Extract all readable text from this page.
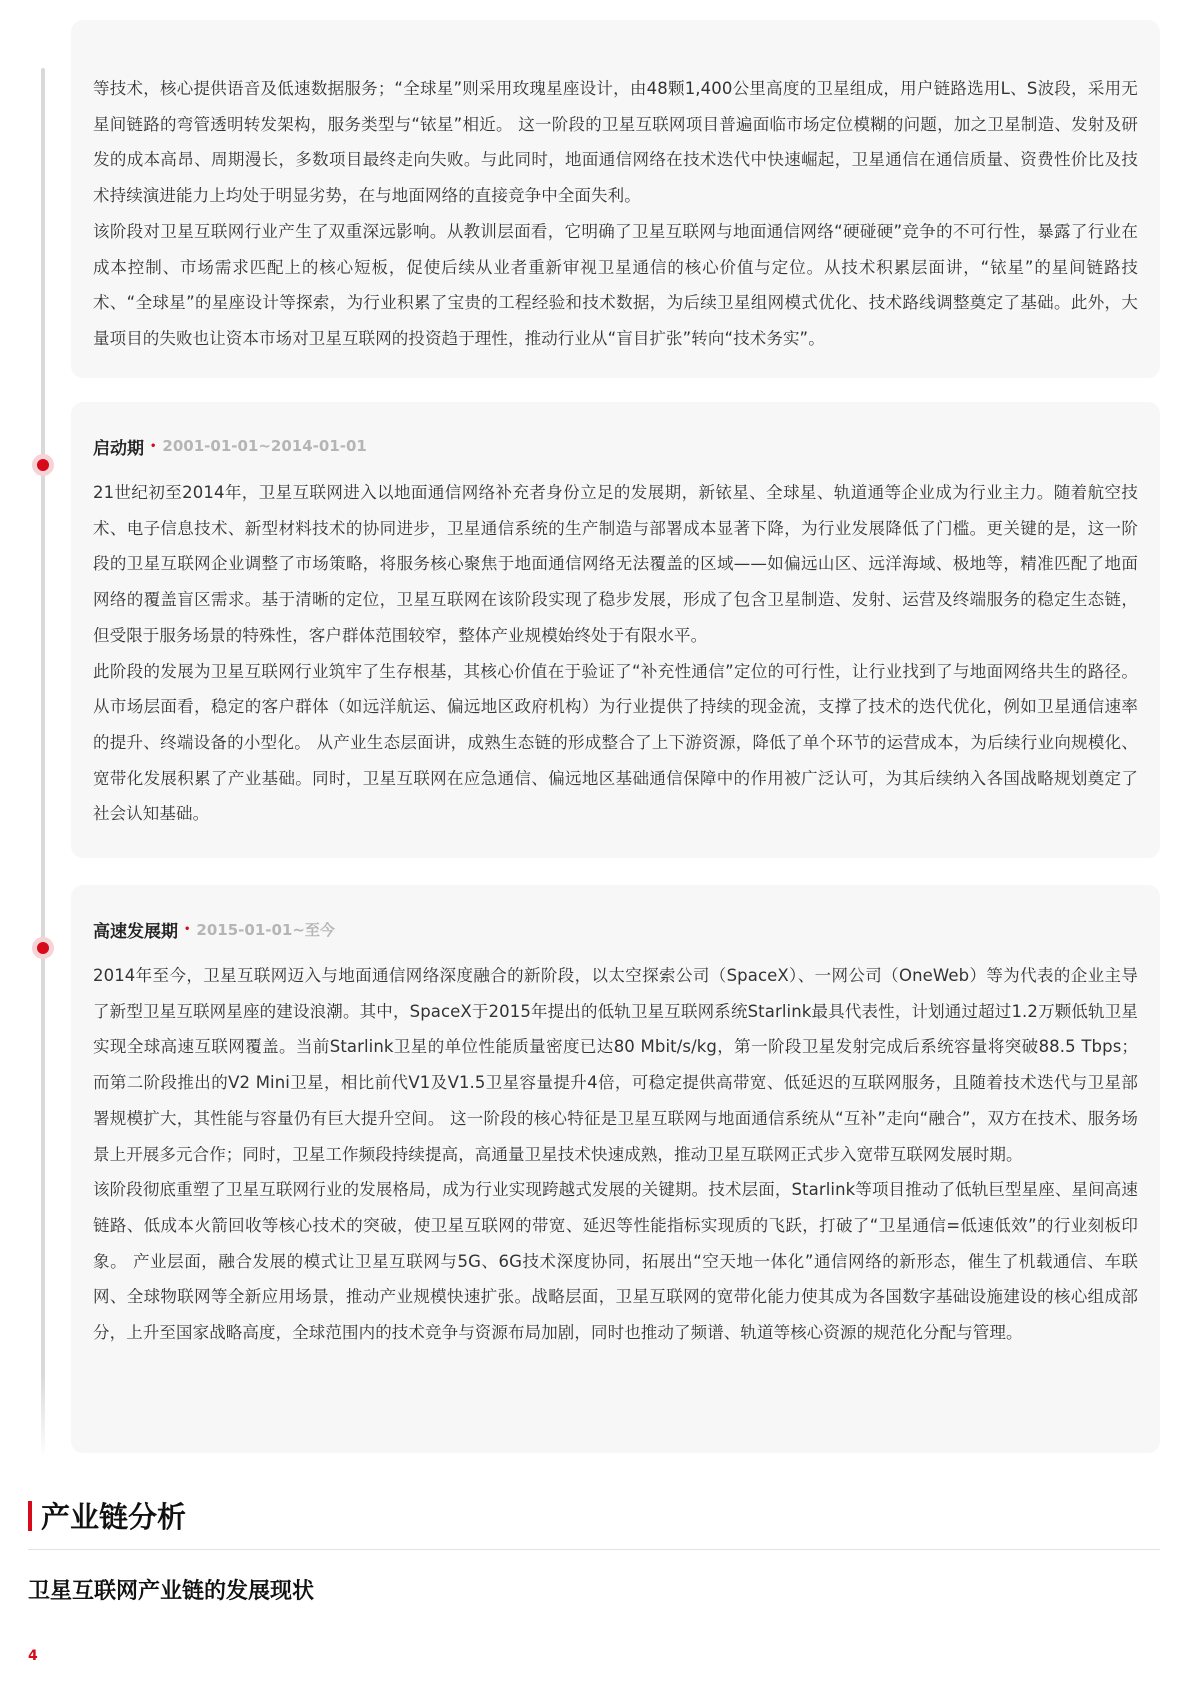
等技术，核心提供语音及低速数据服务；“全球星”则采用玫瑰星座设计，由48颗1,400公里高度的卫星组成，用户链路选用L、S波段，采用无星间链路的弯管透明转发架构，服务类型与“铱星”相近。 这一阶段的卫星互联网项目普遍面临市场定位模糊的问题，加之卫星制造、发射及研发的成本高昂、周期漫长，多数项目最终走向失败。与此同时，地面通信网络在技术迭代中快速崛起，卫星通信在通信质量、资费性价比及技术持续演进能力上均处于明显劣势，在与地面网络的直接竞争中全面失利。

该阶段对卫星互联网行业产生了双重深远影响。从教训层面看，它明确了卫星互联网与地面通信网络“硬碰硬”竞争的不可行性，暴露了行业在成本控制、市场需求匹配上的核心短板，促使后续从业者重新审视卫星通信的核心价值与定位。从技术积累层面讲，“铱星”的星间链路技术、“全球星”的星座设计等探索，为行业积累了宝贵的工程经验和技术数据，为后续卫星组网模式优化、技术路线调整奠定了基础。此外，大量项目的失败也让资本市场对卫星互联网的投资趋于理性，推动行业从“盲目扩张”转向“技术务实”。

启动期 • 2001-01-01~2014-01-01

21世纪初至2014年，卫星互联网进入以地面通信网络补充者身份立足的发展期，新铱星、全球星、轨道通等企业成为行业主力。随着航空技术、电子信息技术、新型材料技术的协同进步，卫星通信系统的生产制造与部署成本显著下降，为行业发展降低了门槛。更关键的是，这一阶段的卫星互联网企业调整了市场策略，将服务核心聚焦于地面通信网络无法覆盖的区域——如偏远山区、远洋海域、极地等，精准匹配了地面网络的覆盖盲区需求。基于清晰的定位，卫星互联网在该阶段实现了稳步发展，形成了包含卫星制造、发射、运营及终端服务的稳定生态链，但受限于服务场景的特殊性，客户群体范围较窄，整体产业规模始终处于有限水平。

此阶段的发展为卫星互联网行业筑牢了生存根基，其核心价值在于验证了“补充性通信”定位的可行性，让行业找到了与地面网络共生的路径。从市场层面看，稳定的客户群体（如远洋航运、偏远地区政府机构）为行业提供了持续的现金流，支撑了技术的迭代优化，例如卫星通信速率的提升、终端设备的小型化。 从产业生态层面讲，成熟生态链的形成整合了上下游资源，降低了单个环节的运营成本，为后续行业向规模化、宽带化发展积累了产业基础。同时，卫星互联网在应急通信、偏远地区基础通信保障中的作用被广泛认可，为其后续纳入各国战略规划奠定了社会认知基础。

高速发展期 • 2015-01-01~至今

2014年至今，卫星互联网迈入与地面通信网络深度融合的新阶段，以太空探索公司（SpaceX）、一网公司（OneWeb）等为代表的企业主导了新型卫星互联网星座的建设浪潮。其中，SpaceX于2015年提出的低轨卫星互联网系统Starlink最具代表性，计划通过超过1.2万颗低轨卫星实现全球高速互联网覆盖。当前Starlink卫星的单位性能质量密度已达80 Mbit/s/kg，第一阶段卫星发射完成后系统容量将突破88.5 Tbps；而第二阶段推出的V2 Mini卫星，相比前代V1及V1.5卫星容量提升4倍，可稳定提供高带宽、低延迟的互联网服务，且随着技术迭代与卫星部署规模扩大，其性能与容量仍有巨大提升空间。 这一阶段的核心特征是卫星互联网与地面通信系统从“互补”走向“融合”，双方在技术、服务场景上开展多元合作；同时，卫星工作频段持续提高，高通量卫星技术快速成熟，推动卫星互联网正式步入宽带互联网发展时期。

该阶段彻底重塑了卫星互联网行业的发展格局，成为行业实现跨越式发展的关键期。技术层面，Starlink等项目推动了低轨巨型星座、星间高速链路、低成本火箭回收等核心技术的突破，使卫星互联网的带宽、延迟等性能指标实现质的飞跃，打破了“卫星通信=低速低效”的行业刻板印象。 产业层面，融合发展的模式让卫星互联网与5G、6G技术深度协同，拓展出“空天地一体化”通信网络的新形态，催生了机载通信、车联网、全球物联网等全新应用场景，推动产业规模快速扩张。战略层面，卫星互联网的宽带化能力使其成为各国数字基础设施建设的核心组成部分，上升至国家战略高度，全球范围内的技术竞争与资源布局加剧，同时也推动了频谱、轨道等核心资源的规范化分配与管理。

产业链分析
卫星互联网产业链的发展现状
4
